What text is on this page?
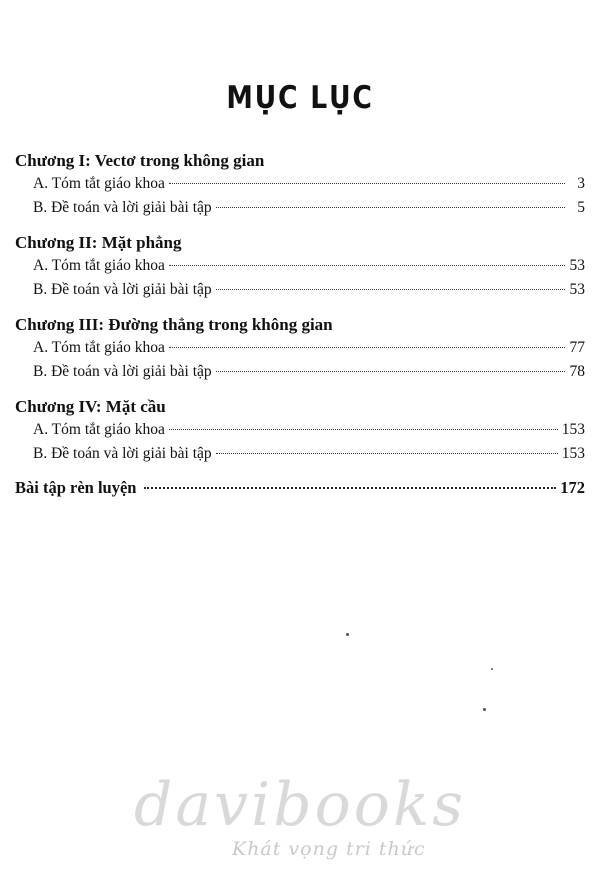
MỤC LỤC
Chương I: Vectơ trong không gian
A. Tóm tắt giáo khoa	3
B. Đề toán và lời giải bài tập	5
Chương II: Mặt phẳng
A. Tóm tắt giáo khoa	53
B. Đề toán và lời giải bài tập	53
Chương III: Đường thẳng trong không gian
A. Tóm tắt giáo khoa	77
B. Đề toán và lời giải bài tập	78
Chương IV: Mặt cầu
A. Tóm tắt giáo khoa	153
B. Đề toán và lời giải bài tập	153
Bài tập rèn luyện	172
davibooks
Khát vọng tri thức
